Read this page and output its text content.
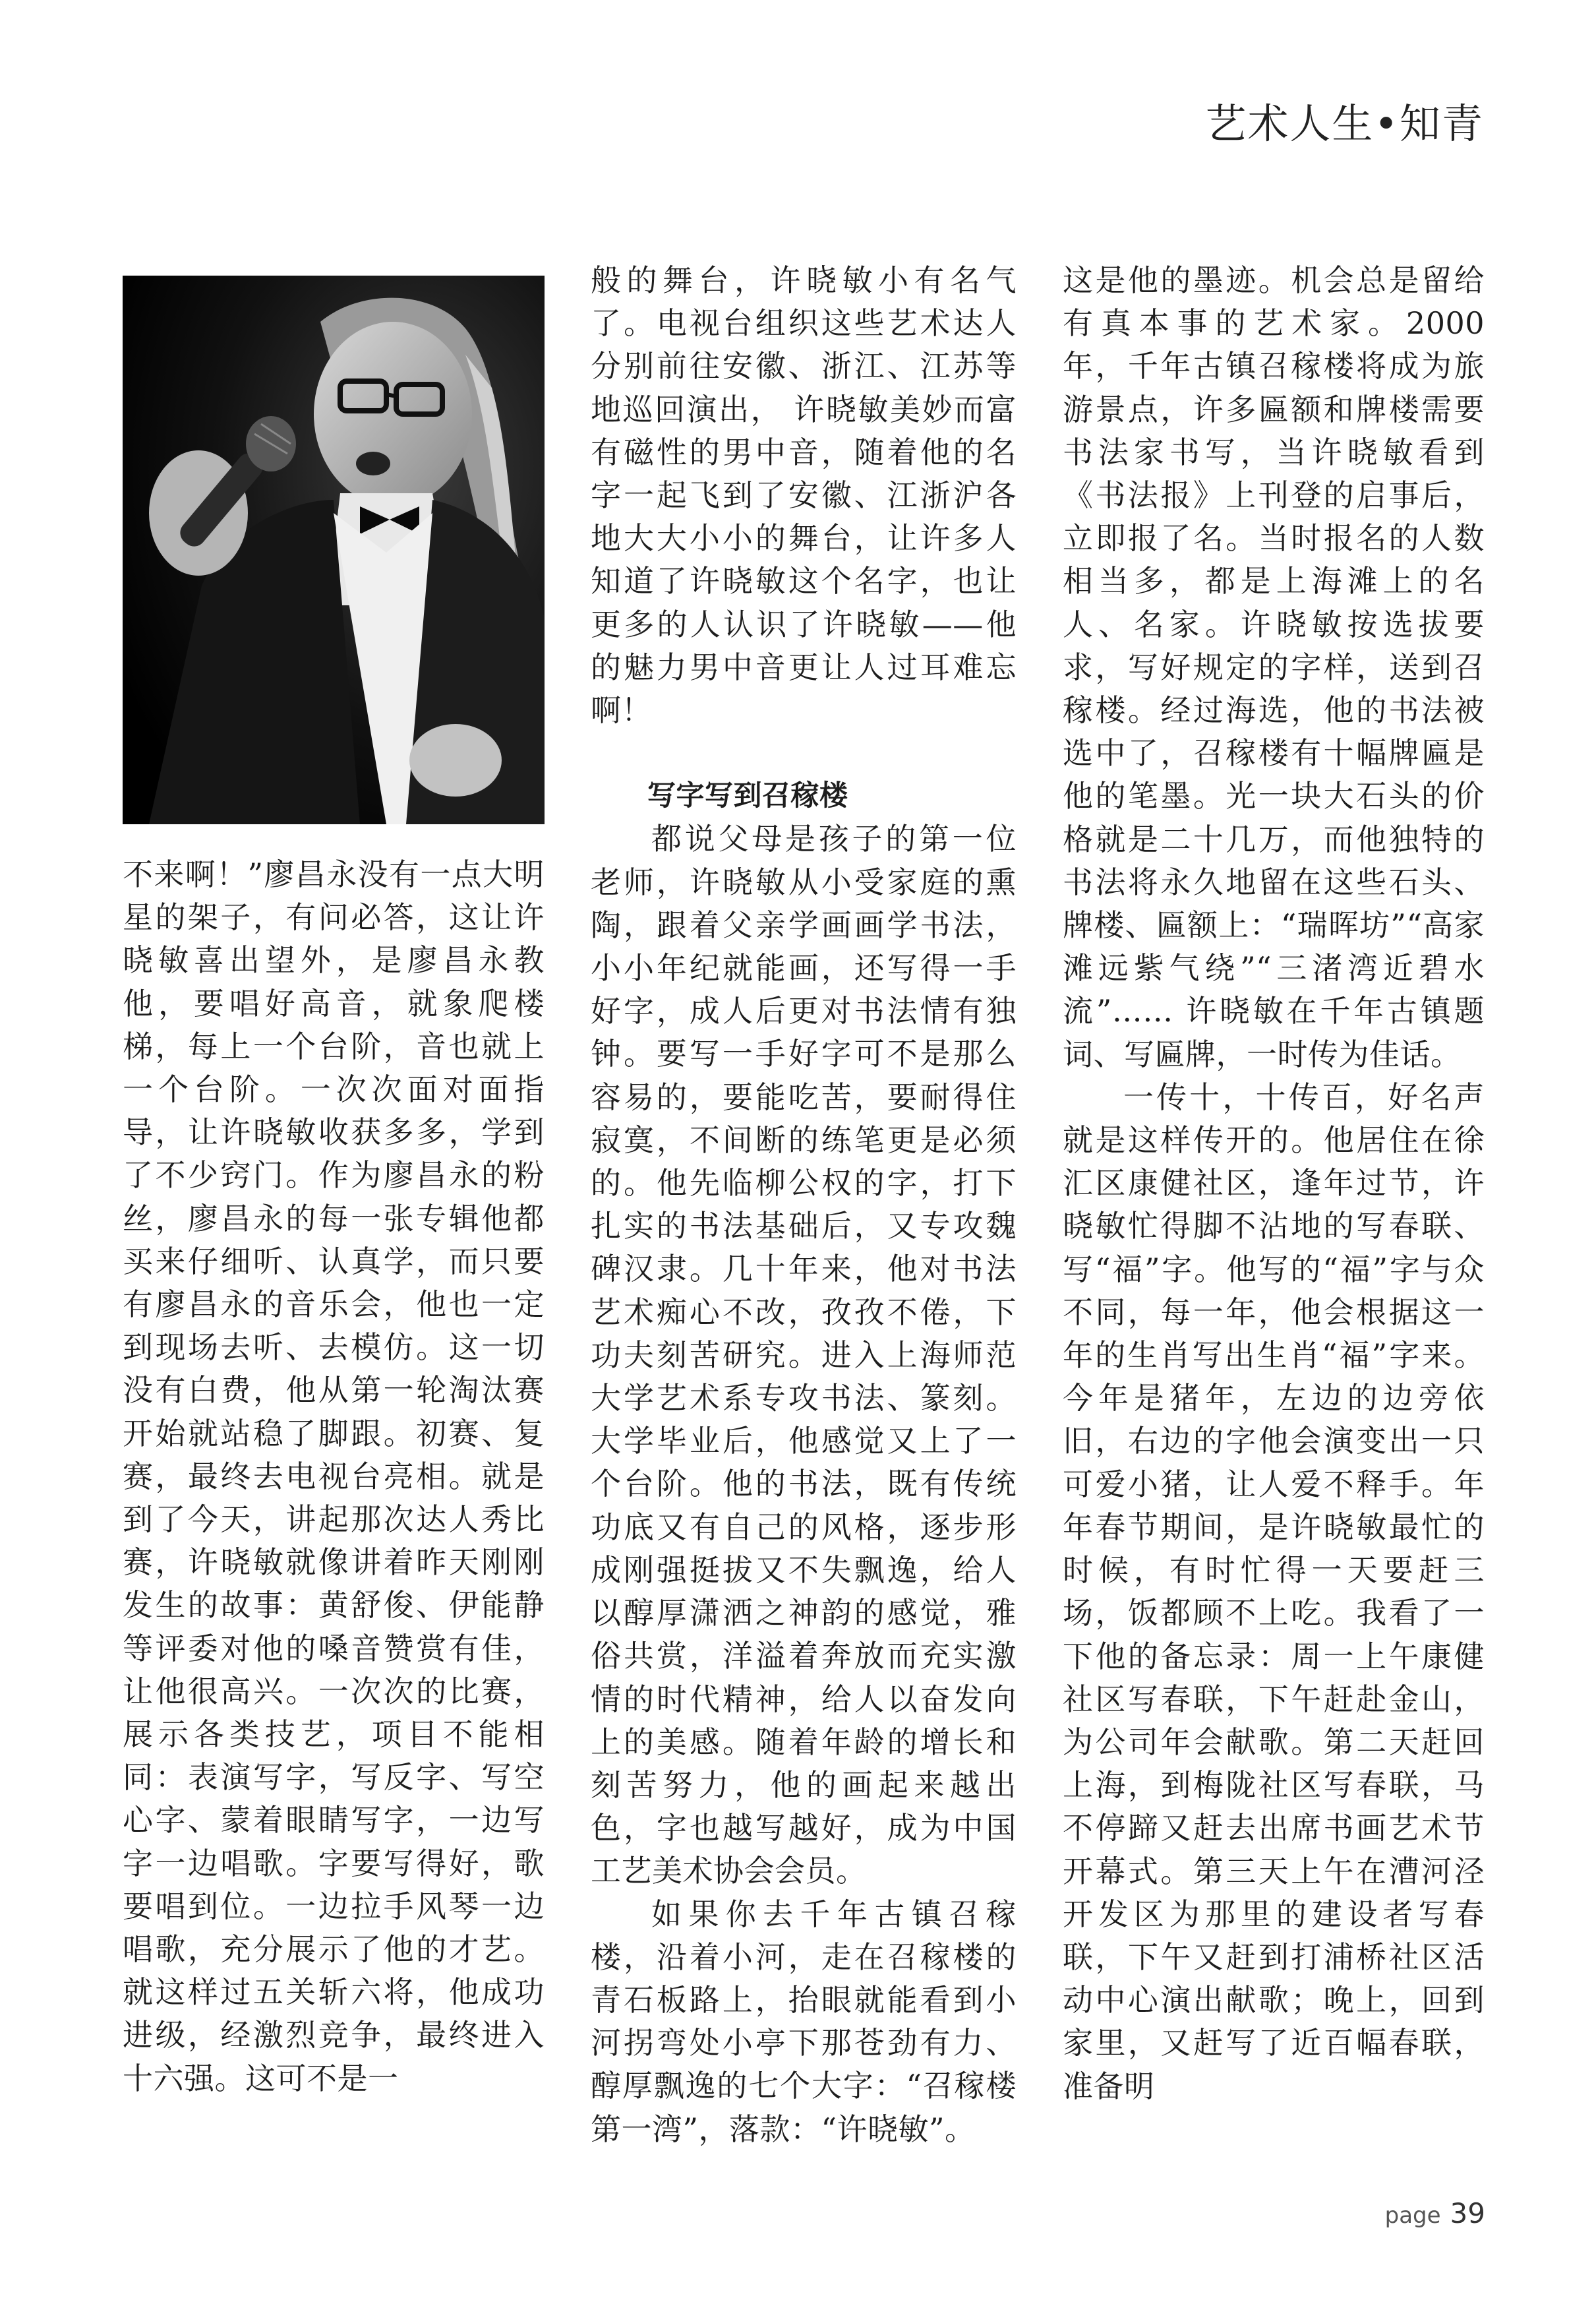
艺术人生•知青

不来啊！”廖昌永没有一点大明星的架子，有问必答，这让许晓敏喜出望外，是廖昌永教他，要唱好高音，就象爬楼梯，每上一个台阶，音也就上一个台阶。一次次面对面指导，让许晓敏收获多多，学到了不少窍门。作为廖昌永的粉丝，廖昌永的每一张专辑他都买来仔细听、认真学，而只要有廖昌永的音乐会，他也一定到现场去听、去模仿。这一切没有白费，他从第一轮淘汰赛开始就站稳了脚跟。初赛、复赛，最终去电视台亮相。就是到了今天，讲起那次达人秀比赛，许晓敏就像讲着昨天刚刚发生的故事：黄舒俊、伊能静等评委对他的嗓音赞赏有佳，让他很高兴。一次次的比赛，展示各类技艺，项目不能相同：表演写字，写反字、写空心字、蒙着眼睛写字，一边写字一边唱歌。字要写得好，歌要唱到位。一边拉手风琴一边唱歌，充分展示了他的才艺。就这样过五关斩六将，他成功进级，经激烈竞争，最终进入十六强。这可不是一

般的舞台，许晓敏小有名气了。电视台组织这些艺术达人分别前往安徽、浙江、江苏等地巡回演出， 许晓敏美妙而富有磁性的男中音，随着他的名字一起飞到了安徽、江浙沪各地大大小小的舞台，让许多人知道了许晓敏这个名字，也让更多的人认识了许晓敏——他的魅力男中音更让人过耳难忘啊！

写字写到召稼楼

都说父母是孩子的第一位老师，许晓敏从小受家庭的熏陶，跟着父亲学画画学书法，小小年纪就能画，还写得一手好字，成人后更对书法情有独钟。要写一手好字可不是那么容易的，要能吃苦，要耐得住寂寞，不间断的练笔更是必须的。他先临柳公权的字，打下扎实的书法基础后，又专攻魏碑汉隶。几十年来，他对书法艺术痴心不改，孜孜不倦，下功夫刻苦研究。进入上海师范大学艺术系专攻书法、篆刻。大学毕业后，他感觉又上了一个台阶。他的书法，既有传统功底又有自己的风格，逐步形成刚强挺拔又不失飘逸，给人以醇厚潇洒之神韵的感觉，雅俗共赏，洋溢着奔放而充实激情的时代精神，给人以奋发向上的美感。随着年龄的增长和刻苦努力，他的画起来越出色，字也越写越好，成为中国工艺美术协会会员。

如果你去千年古镇召稼楼，沿着小河，走在召稼楼的青石板路上，抬眼就能看到小河拐弯处小亭下那苍劲有力、醇厚飘逸的七个大字：“召稼楼第一湾”，落款：“许晓敏”。

这是他的墨迹。机会总是留给有真本事的艺术家。2000 年，千年古镇召稼楼将成为旅游景点，许多匾额和牌楼需要书法家书写，当许晓敏看到《书法报》上刊登的启事后，立即报了名。当时报名的人数相当多，都是上海滩上的名人、名家。许晓敏按选拔要求，写好规定的字样，送到召稼楼。经过海选，他的书法被选中了，召稼楼有十幅牌匾是他的笔墨。光一块大石头的价格就是二十几万，而他独特的书法将永久地留在这些石头、牌楼、匾额上：“瑞晖坊”“高家滩远紫气绕”“三渚湾近碧水流”…… 许晓敏在千年古镇题词、写匾牌，一时传为佳话。

一传十，十传百，好名声就是这样传开的。他居住在徐汇区康健社区，逢年过节，许晓敏忙得脚不沾地的写春联、写“福”字。他写的“福”字与众不同，每一年，他会根据这一年的生肖写出生肖“福”字来。今年是猪年，左边的边旁依旧，右边的字他会演变出一只可爱小猪，让人爱不释手。年年春节期间，是许晓敏最忙的时候，有时忙得一天要赶三场，饭都顾不上吃。我看了一下他的备忘录：周一上午康健社区写春联，下午赶赴金山，为公司年会献歌。第二天赶回上海，到梅陇社区写春联，马不停蹄又赶去出席书画艺术节开幕式。第三天上午在漕河泾开发区为那里的建设者写春联，下午又赶到打浦桥社区活动中心演出献歌；晚上，回到家里，又赶写了近百幅春联，准备明

page 39
